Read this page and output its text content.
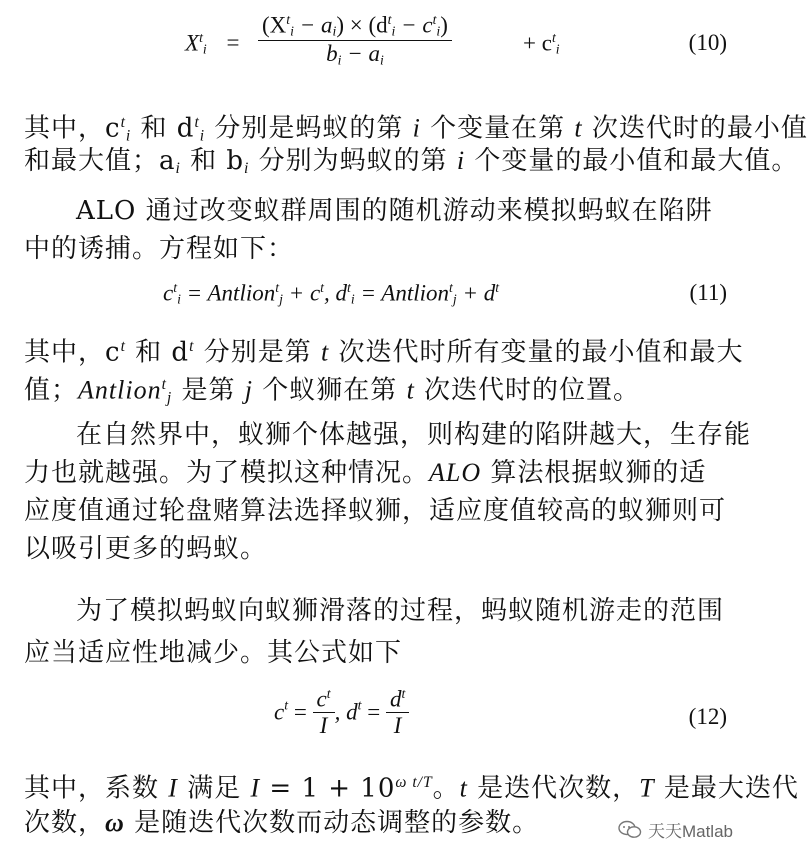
$X^t_i$ =
$(X^t_i - a_i) \times (d^t_i - c^t_i)$
$b_i - a_i$
+ $c^t_i$	(10)

其中，$c^t_i$ 和 $d^t_i$ 分别是蚂蚁的第 i 个变量在第 t 次迭代时的最小值

和最大值；$a_i$ 和 $b_i$ 分别为蚂蚁的第 i 个变量的最小值和最大值。

ALO 通过改变蚁群周围的随机游动来模拟蚂蚁在陷阱

中的诱捕。方程如下：

$c^t_i$ = Antlion$^t_j$ + $c^t$, $d^t_i$ = Antlion$^t_j$ + $d^t$	(11)

其中，$c^t$ 和 $d^t$ 分别是第 t 次迭代时所有变量的最小值和最大

值；Antlion$^t_j$ 是第 j 个蚁狮在第 t 次迭代时的位置。

在自然界中，蚁狮个体越强，则构建的陷阱越大，生存能

力也就越强。为了模拟这种情况。ALO 算法根据蚁狮的适

应度值通过轮盘赌算法选择蚁狮，适应度值较高的蚁狮则可

以吸引更多的蚂蚁。

为了模拟蚂蚁向蚁狮滑落的过程，蚂蚁随机游走的范围

应当适应性地减少。其公式如下

$c^t = \frac{c^t}{I}$ , $d^t = \frac{d^t}{I}$	(12)

其中，系数 I 满足 $I = 1 + 10^{\omega t/T}$。t 是迭代次数，T 是最大迭代

次数，ω 是随迭代次数而动态调整的参数。	天天Matlab
